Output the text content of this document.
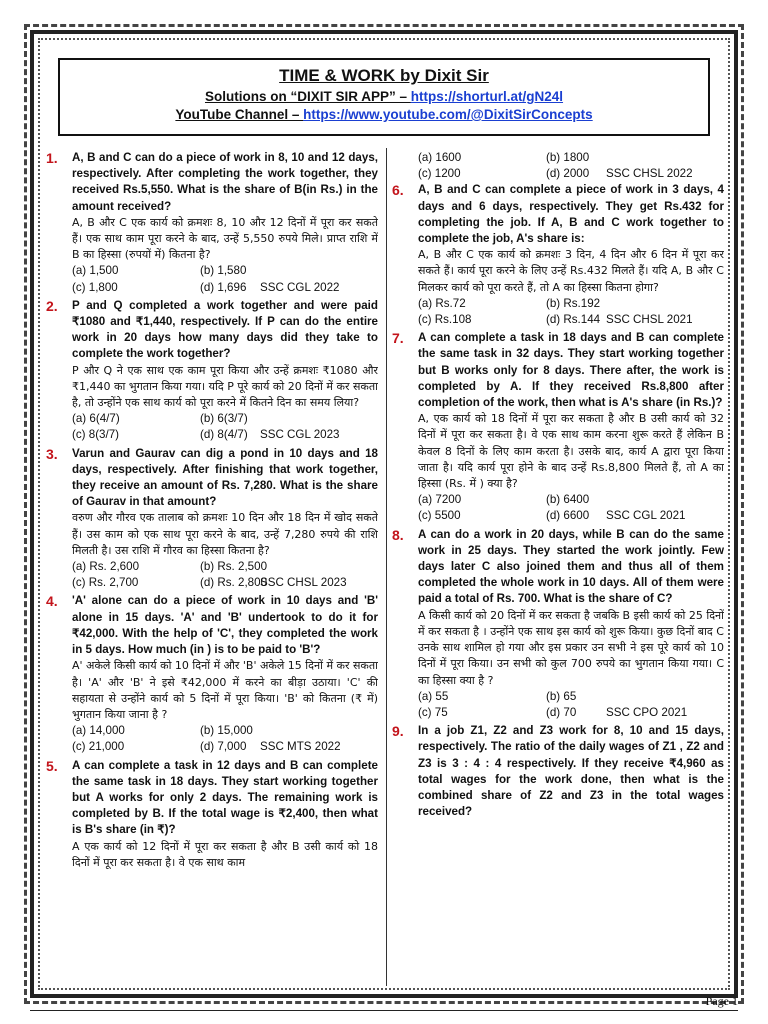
TIME & WORK by Dixit Sir
Solutions on “DIXIT SIR APP” – https://shorturl.at/gN24l
YouTube Channel – https://www.youtube.com/@DixitSirConcepts
1. A, B and C can do a piece of work in 8, 10 and 12 days, respectively. After completing the work together, they received Rs.5,550. What is the share of B(in Rs.) in the amount received?
A, B और C एक कार्य को क्रमशः 8, 10 और 12 दिनों में पूरा कर सकते हैं। एक साथ काम पूरा करने के बाद, उन्हें 5,550 रुपये मिले। प्राप्त राशि में B का हिस्सा (रुपयों में) कितना है?
(a) 1,500	(b) 1,580
(c) 1,800	(d) 1,696	SSC CGL 2022
2. P and Q completed a work together and were paid ₹1080 and ₹1,440, respectively. If P can do the entire work in 20 days how many days did they take to complete the work together?
P और Q ने एक साथ एक काम पूरा किया और उन्हें क्रमशः ₹1080 और ₹1,440 का भुगतान किया गया। यदि P पूरे कार्य को 20 दिनों में कर सकता है, तो उन्होंने एक साथ कार्य को पूरा करने में कितने दिन का समय लिया?
(a) 6(4/7)	(b) 6(3/7)
(c) 8(3/7)	(d) 8(4/7)	SSC CGL 2023
3. Varun and Gaurav can dig a pond in 10 days and 18 days, respectively. After finishing that work together, they receive an amount of Rs. 7,280. What is the share of Gaurav in that amount?
वरुण और गौरव एक तालाब को क्रमशः 10 दिन और 18 दिन में खोद सकते हैं। उस काम को एक साथ पूरा करने के बाद, उन्हें 7,280 रुपये की राशि मिलती है। उस राशि में गौरव का हिस्सा कितना है?
(a) Rs. 2,600	(b) Rs. 2,500
(c) Rs. 2,700	(d) Rs. 2,800
SSC CHSL 2023
4. 'A' alone can do a piece of work in 10 days and 'B' alone in 15 days. 'A' and 'B' undertook to do it for ₹42,000. With the help of 'C', they completed the work in 5 days. How much (in ) is to be paid to 'B'?
A' अकेले किसी कार्य को 10 दिनों में और 'B' अकेले 15 दिनों में कर सकता है। 'A' और 'B' ने इसे ₹42,000 में करने का बीड़ा उठाया। 'C' की सहायता से उन्होंने कार्य को 5 दिनों में पूरा किया। 'B' को कितना (₹ में) भुगतान किया जाना है ?
(a) 14,000	(b) 15,000
(c) 21,000	(d) 7,000	SSC MTS 2022
5. A can complete a task in 12 days and B can complete the same task in 18 days. They start working together but A works for only 2 days. The remaining work is completed by B. If the total wage is ₹2,400, then what is B's share (in ₹)?
A एक कार्य को 12 दिनों में पूरा कर सकता है और B उसी कार्य को 18 दिनों में पूरा कर सकता है। वे एक साथ काम
(a) 1600	(b) 1800
(c) 1200	(d) 2000	SSC CHSL 2022
6. A, B and C can complete a piece of work in 3 days, 4 days and 6 days, respectively. They get Rs.432 for completing the job. If A, B and C work together to complete the job, A's share is:
A, B और C एक कार्य को क्रमशः 3 दिन, 4 दिन और 6 दिन में पूरा कर सकते हैं। कार्य पूरा करने के लिए उन्हें Rs.432 मिलते हैं। यदि A, B और C मिलकर कार्य को पूरा करते हैं, तो A का हिस्सा कितना होगा?
(a) Rs.72	(b) Rs.192
(c) Rs.108	(d) Rs.144 SSC CHSL 2021
7. A can complete a task in 18 days and B can complete the same task in 32 days. They start working together but B works only for 8 days. There after, the work is completed by A. If they received Rs.8,800 after completion of the work, then what is A's share (in Rs.)?
A, एक कार्य को 18 दिनों में पूरा कर सकता है और B उसी कार्य को 32 दिनों में पूरा कर सकता है। वे एक साथ काम करना शुरू करते हैं लेकिन B केवल 8 दिनों के लिए काम करता है। उसके बाद, कार्य A द्वारा पूरा किया जाता है। यदि कार्य पूरा होने के बाद उन्हें Rs.8,800 मिलते हैं, तो A का हिस्सा (Rs. में ) क्या है?
(a) 7200	(b) 6400
(c) 5500	(d) 6600	SSC CGL 2021
8. A can do a work in 20 days, while B can do the same work in 25 days. They started the work jointly. Few days later C also joined them and thus all of them completed the whole work in 10 days. All of them were paid a total of Rs. 700. What is the share of C?
A किसी कार्य को 20 दिनों में कर सकता है जबकि B इसी कार्य को 25 दिनों में कर सकता है । उन्होंने एक साथ इस कार्य को शुरू किया। कुछ दिनों बाद C उनके साथ शामिल हो गया और इस प्रकार उन सभी ने इस पूरे कार्य को 10 दिनों में पूरा किया। उन सभी को कुल 700 रुपये का भुगतान किया गया। C का हिस्सा क्या है ?
(a) 55	(b) 65
(c) 75	(d) 70	SSC CPO 2021
9. In a job Z1, Z2 and Z3 work for 8, 10 and 15 days, respectively. The ratio of the daily wages of Z1 , Z2 and Z3 is 3 : 4 : 4 respectively. If they receive ₹4,960 as total wages for the work done, then what is the combined share of Z2 and Z3 in the total wages received?
Page 1
